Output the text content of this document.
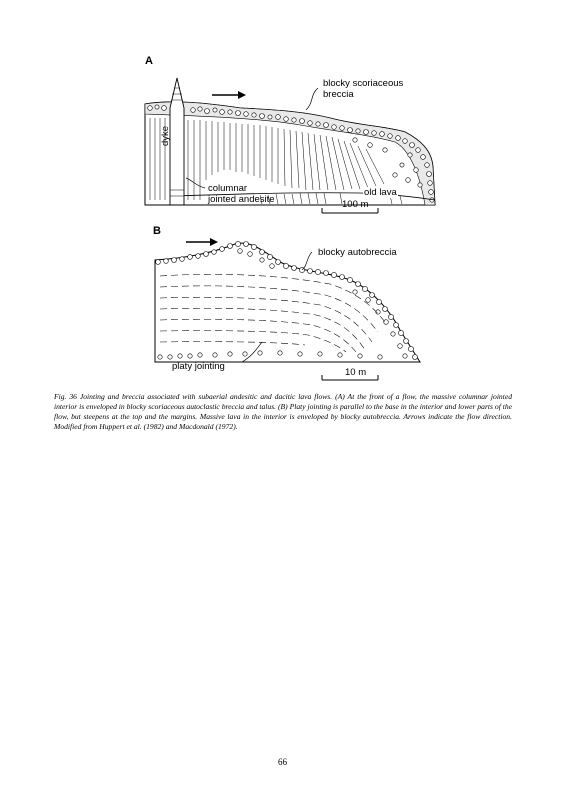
A
blocky scoriaceous
breccia
dyke
columnar
jointed andesite
old lava
100 m
B
blocky autobreccia
platy jointing
10 m
Fig. 36 Jointing and breccia associated with subaerial andesitic and dacitic lava flows. (A) At the front of a flow, the massive columnar jointed interior is enveloped in blocky scoriaceous autoclastic breccia and talus. (B) Platy jointing is parallel to the base in the interior and lower parts of the flow, but steepens at the top and the margins. Massive lava in the interior is enveloped by blocky autobreccia. Arrows indicate the flow direction. Modified from Huppert et al. (1982) and Macdonald (1972).
66
